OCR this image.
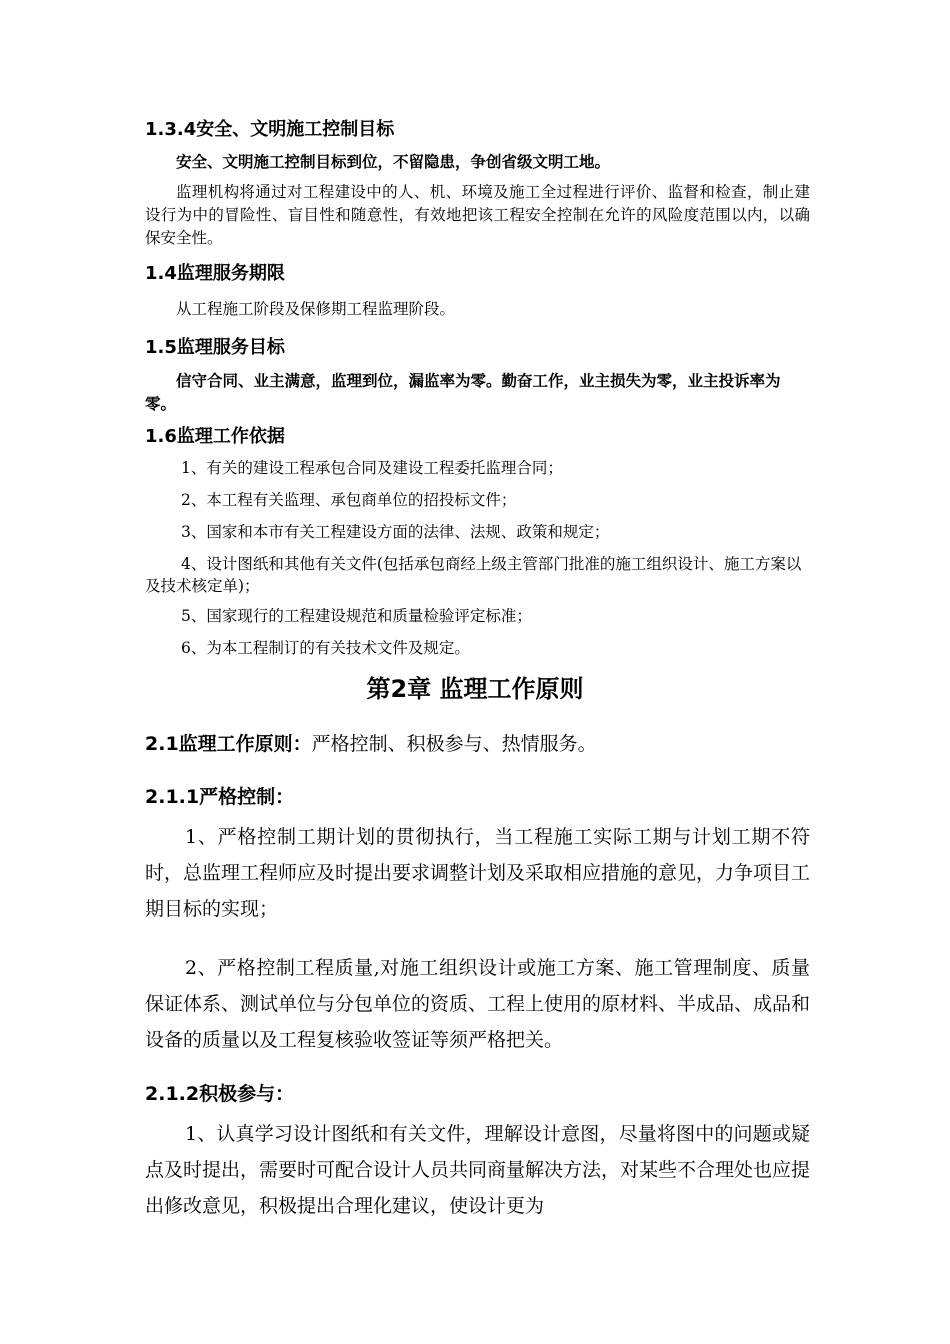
1.3.4安全、文明施工控制目标
安全、文明施工控制目标到位，不留隐患，争创省级文明工地。
监理机构将通过对工程建设中的人、机、环境及施工全过程进行评价、监督和检查，制止建设行为中的冒险性、盲目性和随意性，有效地把该工程安全控制在允许的风险度范围以内，以确保安全性。
1.4监理服务期限
从工程施工阶段及保修期工程监理阶段。
1.5监理服务目标
信守合同、业主满意，监理到位，漏监率为零。勤奋工作，业主损失为零，业主投诉率为零。
1.6监理工作依据
1、有关的建设工程承包合同及建设工程委托监理合同；
2、本工程有关监理、承包商单位的招投标文件；
3、国家和本市有关工程建设方面的法律、法规、政策和规定；
4、设计图纸和其他有关文件(包括承包商经上级主管部门批准的施工组织设计、施工方案以及技术核定单)；
5、国家现行的工程建设规范和质量检验评定标准；
6、为本工程制订的有关技术文件及规定。
第2章 监理工作原则
2.1监理工作原则：严格控制、积极参与、热情服务。
2.1.1严格控制：
1、严格控制工期计划的贯彻执行，当工程施工实际工期与计划工期不符时，总监理工程师应及时提出要求调整计划及采取相应措施的意见，力争项目工期目标的实现；
2、严格控制工程质量,对施工组织设计或施工方案、施工管理制度、质量保证体系、测试单位与分包单位的资质、工程上使用的原材料、半成品、成品和设备的质量以及工程复核验收签证等须严格把关。
2.1.2积极参与：
1、认真学习设计图纸和有关文件，理解设计意图，尽量将图中的问题或疑点及时提出，需要时可配合设计人员共同商量解决方法，对某些不合理处也应提出修改意见，积极提出合理化建议，使设计更为
